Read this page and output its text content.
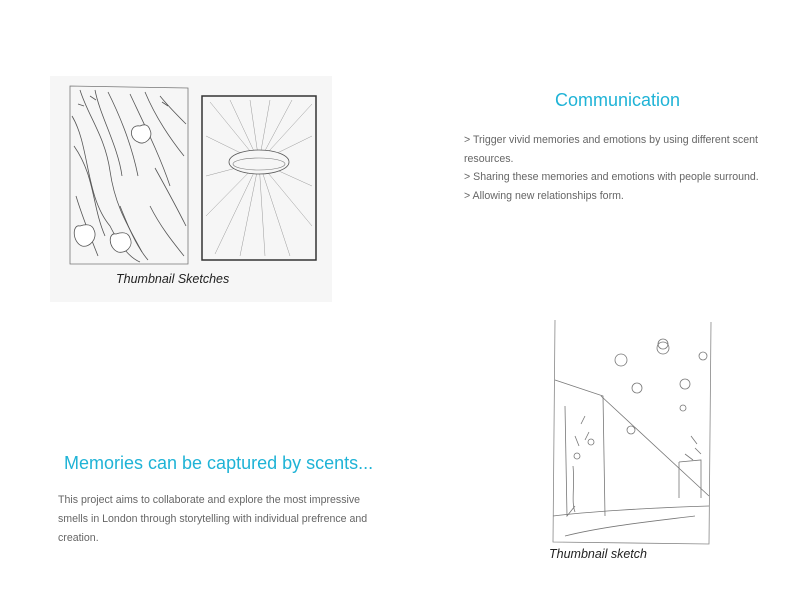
Thumbnail Sketches
Communication
> Trigger vivid memories and emotions by using different scent resources.
> Sharing these memories and emotions with people surround.
> Allowing new relationships form.
Memories can be captured by scents...
This project aims to collaborate and explore the most impressive smells in London through storytelling with individual prefrence and creation.
Thumbnail sketch
